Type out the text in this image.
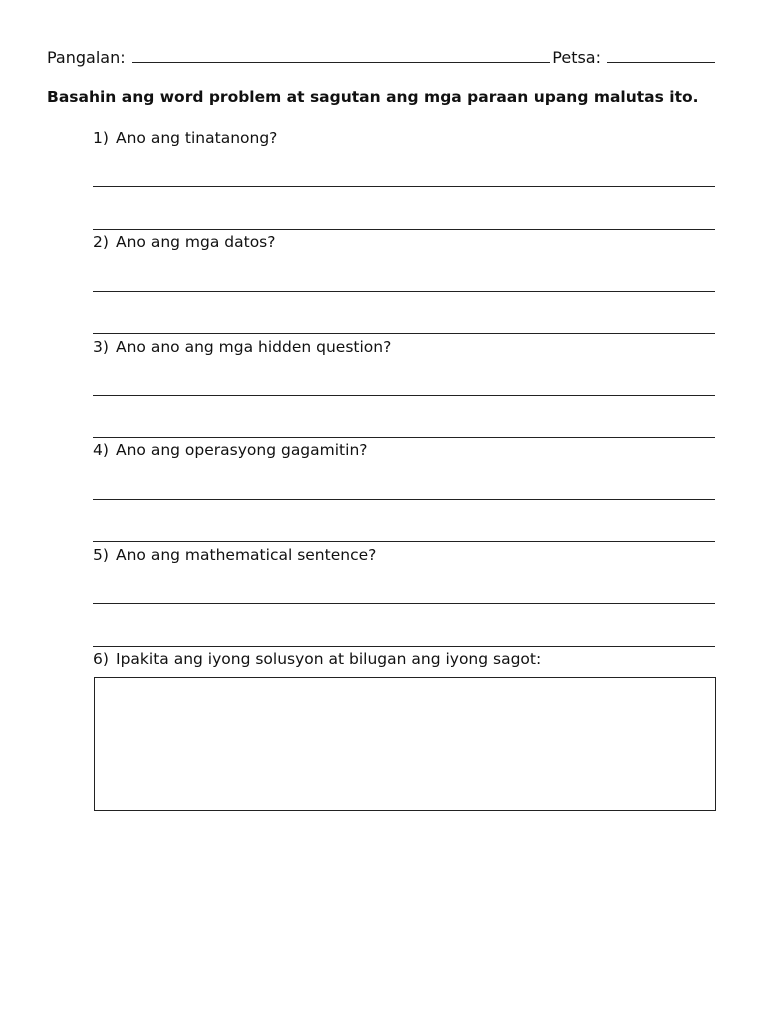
Pangalan:	Petsa:
Basahin ang word problem at sagutan ang mga paraan upang malutas ito.
1) Ano ang tinatanong?
2) Ano ang mga datos?
3) Ano ano ang mga hidden question?
4) Ano ang operasyong gagamitin?
5) Ano ang mathematical sentence?
6) Ipakita ang iyong solusyon at bilugan ang iyong sagot:
